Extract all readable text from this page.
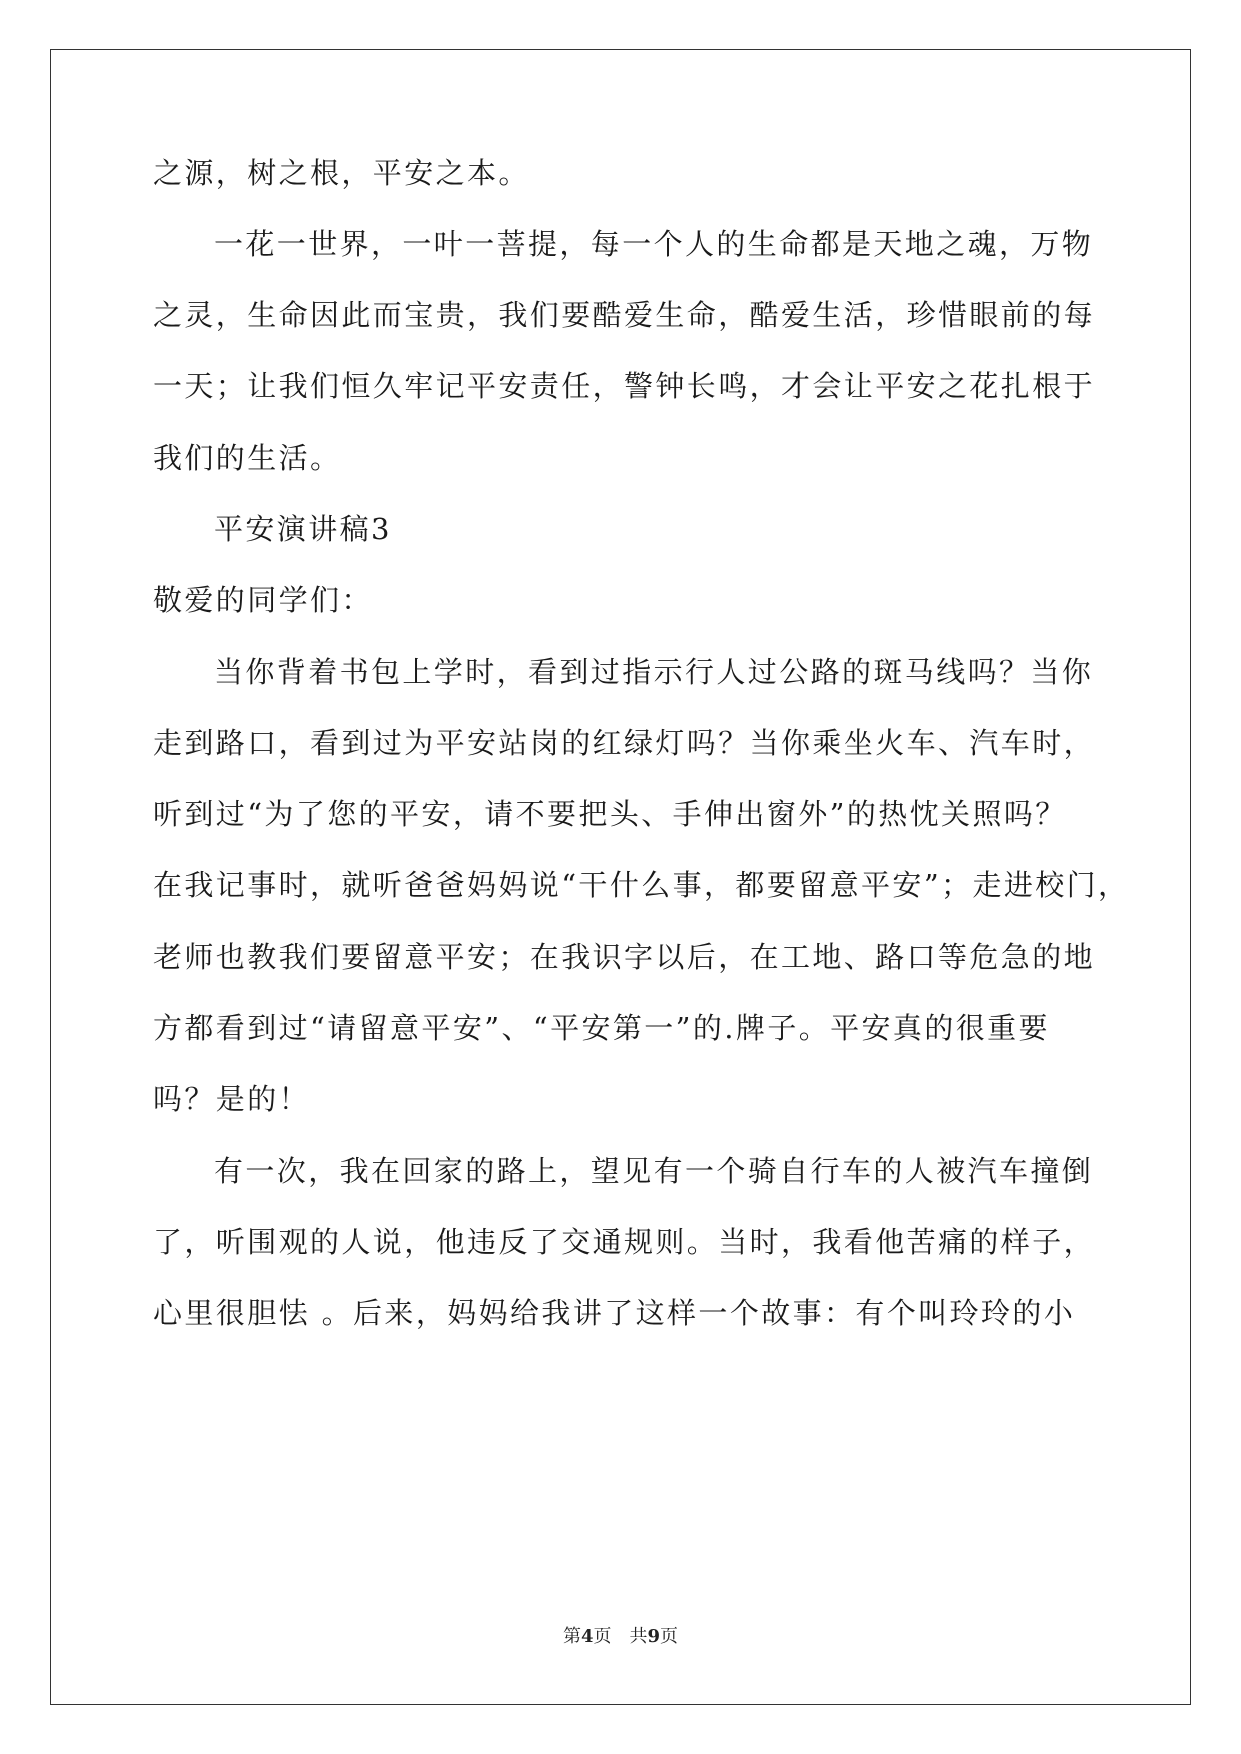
之源，树之根，平安之本。
一花一世界，一叶一菩提，每一个人的生命都是天地之魂，万物
之灵，生命因此而宝贵，我们要酷爱生命，酷爱生活，珍惜眼前的每
一天；让我们恒久牢记平安责任，警钟长鸣，才会让平安之花扎根于
我们的生活。
平安演讲稿3
敬爱的同学们：
当你背着书包上学时，看到过指示行人过公路的斑马线吗？当你
走到路口，看到过为平安站岗的红绿灯吗？当你乘坐火车、汽车时，
听到过“为了您的平安，请不要把头、手伸出窗外”的热忱关照吗？
在我记事时，就听爸爸妈妈说“干什么事，都要留意平安”；走进校门，
老师也教我们要留意平安；在我识字以后，在工地、路口等危急的地
方都看到过“请留意平安”、“平安第一”的.牌子。平安真的很重要
吗？是的！
有一次，我在回家的路上，望见有一个骑自行车的人被汽车撞倒
了，听围观的人说，他违反了交通规则。当时，我看他苦痛的样子，
心里很胆怯 。后来，妈妈给我讲了这样一个故事：有个叫玲玲的小
第4页　共9页
